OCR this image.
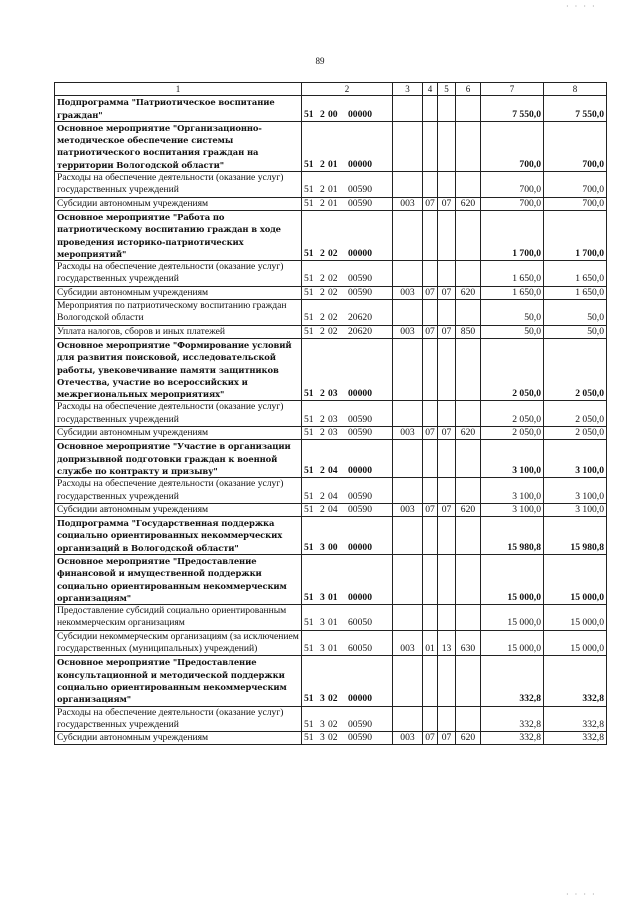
89
· · · ·
· · · ·
1	2	3	4	5	6	7	8
Подпрограмма "Патриотическое воспитание граждан"	51 2 00 00000					7 550,0	7 550,0
Основное мероприятие "Организационно-методическое обеспечение системы патриотического воспитания граждан на территории Вологодской области"	51 2 01 00000					700,0	700,0
Расходы на обеспечение деятельности (оказание услуг) государственных учреждений	51 2 01 00590					700,0	700,0
Субсидии автономным учреждениям	51 2 01 00590	003	07	07	620	700,0	700,0
Основное мероприятие "Работа по патриотическому воспитанию граждан в ходе проведения историко-патриотических мероприятий"	51 2 02 00000					1 700,0	1 700,0
Расходы на обеспечение деятельности (оказание услуг) государственных учреждений	51 2 02 00590					1 650,0	1 650,0
Субсидии автономным учреждениям	51 2 02 00590	003	07	07	620	1 650,0	1 650,0
Мероприятия по патриотическому воспитанию граждан Вологодской области	51 2 02 20620					50,0	50,0
Уплата налогов, сборов и иных платежей	51 2 02 20620	003	07	07	850	50,0	50,0
Основное мероприятие "Формирование условий для развития поисковой, исследовательской работы, увековечивание памяти защитников Отечества, участие во всероссийских и межрегиональных мероприятиях"	51 2 03 00000					2 050,0	2 050,0
Расходы на обеспечение деятельности (оказание услуг) государственных учреждений	51 2 03 00590					2 050,0	2 050,0
Субсидии автономным учреждениям	51 2 03 00590	003	07	07	620	2 050,0	2 050,0
Основное мероприятие "Участие в организации допризывной подготовки граждан к военной службе по контракту и призыву"	51 2 04 00000					3 100,0	3 100,0
Расходы на обеспечение деятельности (оказание услуг) государственных учреждений	51 2 04 00590					3 100,0	3 100,0
Субсидии автономным учреждениям	51 2 04 00590	003	07	07	620	3 100,0	3 100,0
Подпрограмма "Государственная поддержка социально ориентированных некоммерческих организаций в Вологодской области"	51 3 00 00000					15 980,8	15 980,8
Основное мероприятие "Предоставление финансовой и имущественной поддержки социально ориентированным некоммерческим организациям"	51 3 01 00000					15 000,0	15 000,0
Предоставление субсидий социально ориентированным некоммерческим организациям	51 3 01 60050					15 000,0	15 000,0
Субсидии некоммерческим организациям (за исключением государственных (муниципальных) учреждений)	51 3 01 60050	003	01	13	630	15 000,0	15 000,0
Основное мероприятие "Предоставление консультационной и методической поддержки социально ориентированным некоммерческим организациям"	51 3 02 00000					332,8	332,8
Расходы на обеспечение деятельности (оказание услуг) государственных учреждений	51 3 02 00590					332,8	332,8
Субсидии автономным учреждениям	51 3 02 00590	003	07	07	620	332,8	332,8
